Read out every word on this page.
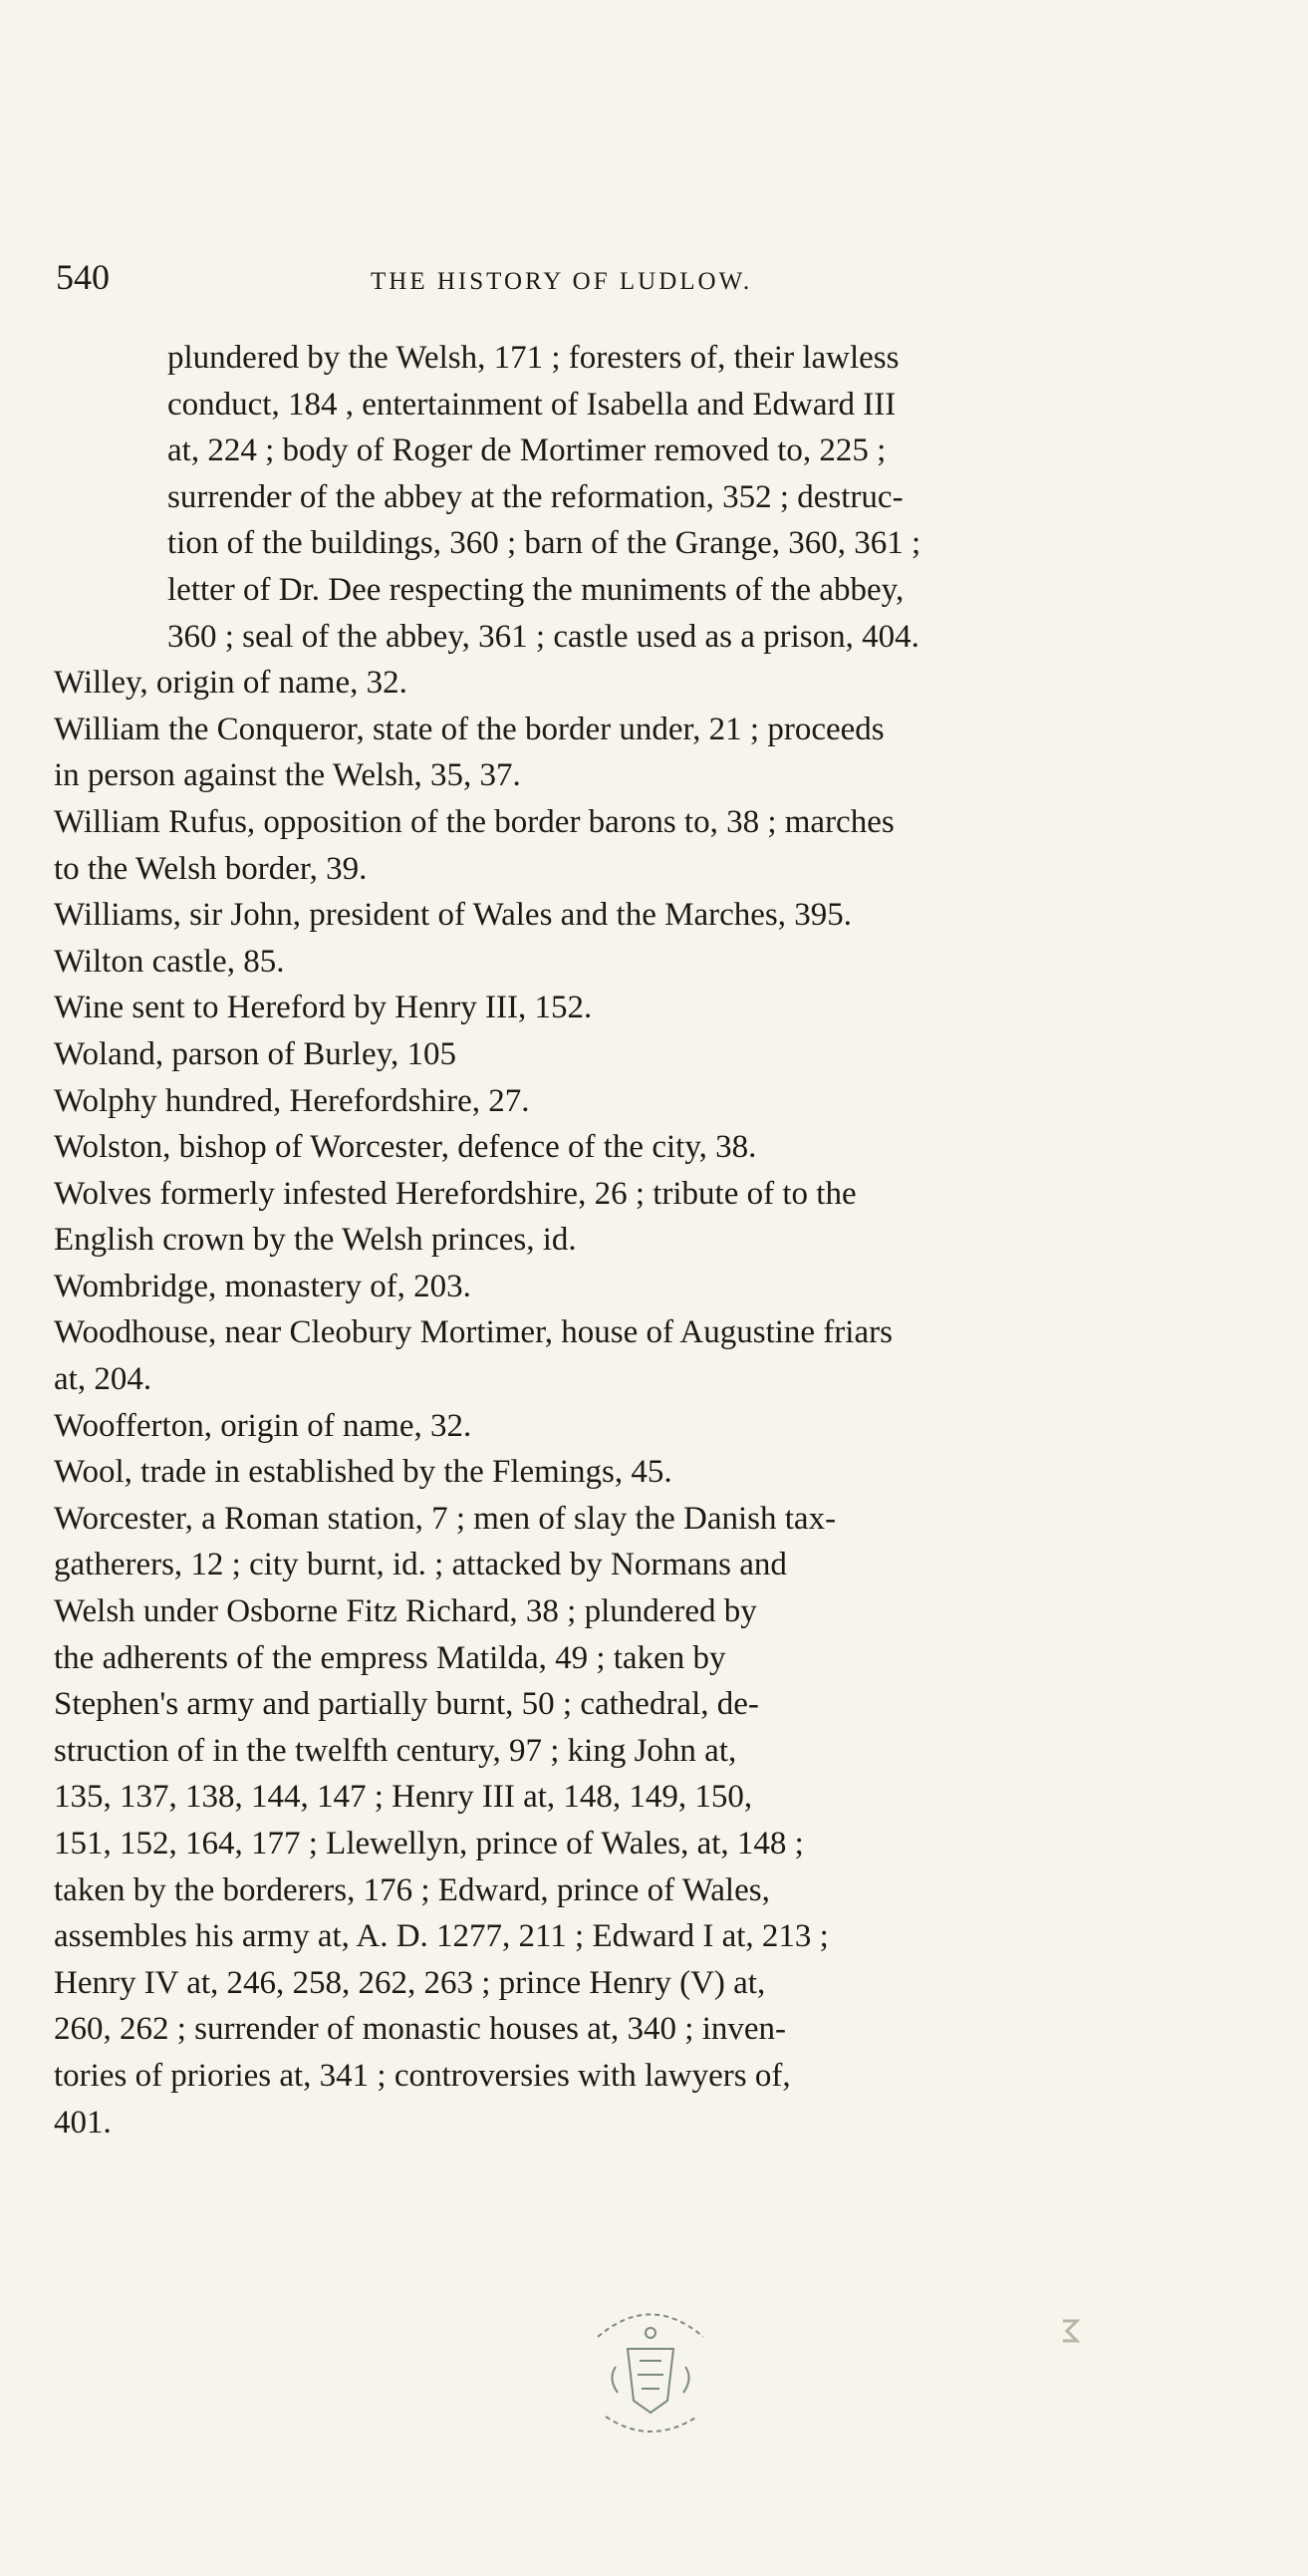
540	THE HISTORY OF LUDLOW.
plundered by the Welsh, 171 ; foresters of, their lawless
conduct, 184 , entertainment of Isabella and Edward III
at, 224 ; body of Roger de Mortimer removed to, 225 ;
surrender of the abbey at the reformation, 352 ; destruc-
tion of the buildings, 360 ; barn of the Grange, 360, 361 ;
letter of Dr. Dee respecting the muniments of the abbey,
360 ; seal of the abbey, 361 ; castle used as a prison, 404.
Willey, origin of name, 32.
William the Conqueror, state of the border under, 21 ; proceeds
in person against the Welsh, 35, 37.
William Rufus, opposition of the border barons to, 38 ; marches
to the Welsh border, 39.
Williams, sir John, president of Wales and the Marches, 395.
Wilton castle, 85.
Wine sent to Hereford by Henry III, 152.
Woland, parson of Burley, 105
Wolphy hundred, Herefordshire, 27.
Wolston, bishop of Worcester, defence of the city, 38.
Wolves formerly infested Herefordshire, 26 ; tribute of to the
English crown by the Welsh princes, id.
Wombridge, monastery of, 203.
Woodhouse, near Cleobury Mortimer, house of Augustine friars
at, 204.
Woofferton, origin of name, 32.
Wool, trade in established by the Flemings, 45.
Worcester, a Roman station, 7 ; men of slay the Danish tax-
gatherers, 12 ; city burnt, id. ; attacked by Normans and
Welsh under Osborne Fitz Richard, 38 ; plundered by
the adherents of the empress Matilda, 49 ; taken by
Stephen's army and partially burnt, 50 ; cathedral, de-
struction of in the twelfth century, 97 ; king John at,
135, 137, 138, 144, 147 ; Henry III at, 148, 149, 150,
151, 152, 164, 177 ; Llewellyn, prince of Wales, at, 148 ;
taken by the borderers, 176 ; Edward, prince of Wales,
assembles his army at, A. D. 1277, 211 ; Edward I at, 213 ;
Henry IV at, 246, 258, 262, 263 ; prince Henry (V) at,
260, 262 ; surrender of monastic houses at, 340 ; inven-
tories of priories at, 341 ; controversies with lawyers of,
401.
